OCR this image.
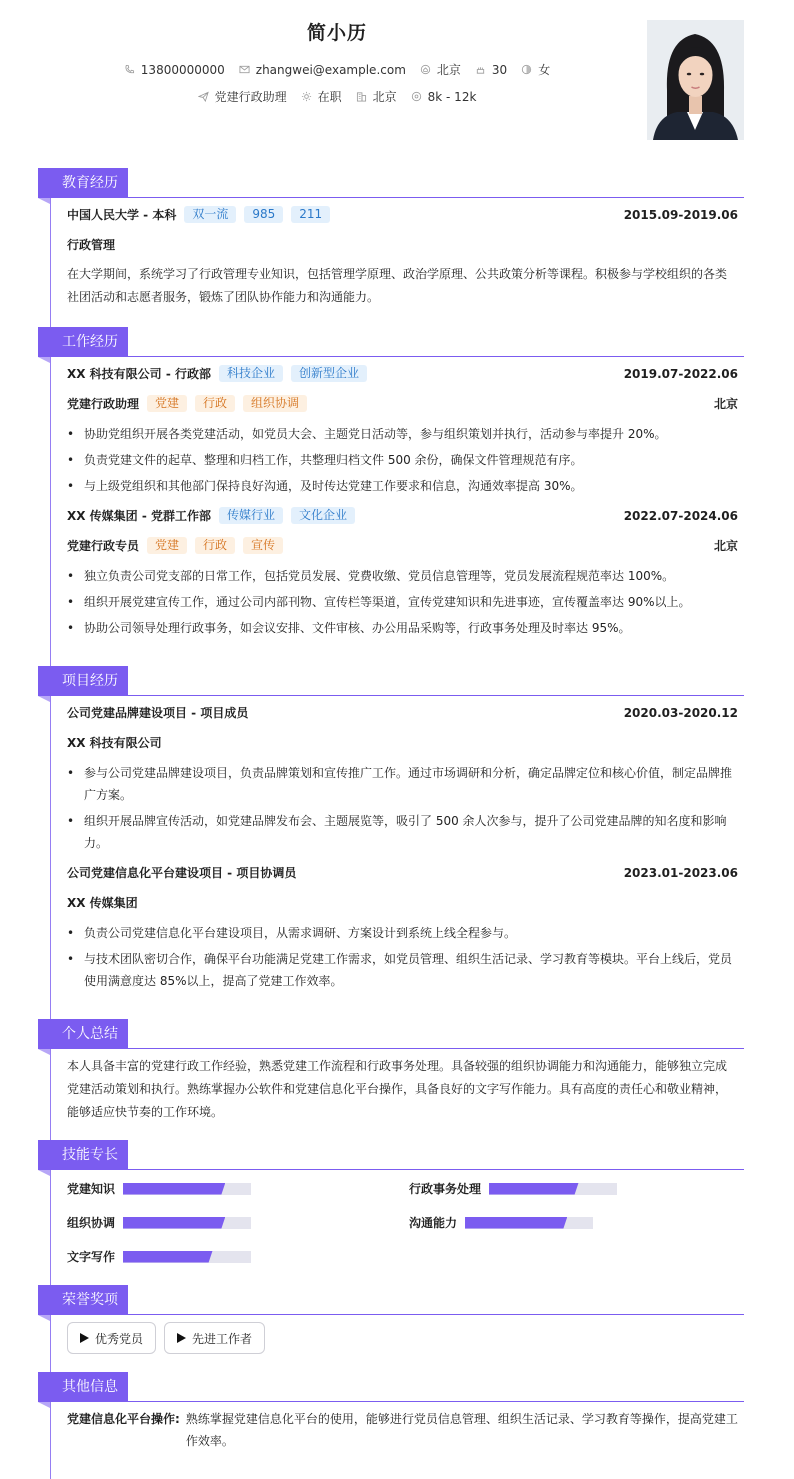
简小历
13800000000	zhangwei@example.com	北京	30	女
党建行政助理	在职	北京	8k - 12k
教育经历
中国人民大学 - 本科	双一流	985	211	2015.09-2019.06
行政管理
在大学期间，系统学习了行政管理专业知识，包括管理学原理、政治学原理、公共政策分析等课程。积极参与学校组织的各类社团活动和志愿者服务，锻炼了团队协作能力和沟通能力。
工作经历
XX 科技有限公司 - 行政部	科技企业	创新型企业	2019.07-2022.06
党建行政助理	党建	行政	组织协调	北京
• 协助党组织开展各类党建活动，如党员大会、主题党日活动等，参与组织策划并执行，活动参与率提升 20%。
• 负责党建文件的起草、整理和归档工作，共整理归档文件 500 余份，确保文件管理规范有序。
• 与上级党组织和其他部门保持良好沟通，及时传达党建工作要求和信息，沟通效率提高 30%。
XX 传媒集团 - 党群工作部	传媒行业	文化企业	2022.07-2024.06
党建行政专员	党建	行政	宣传	北京
• 独立负责公司党支部的日常工作，包括党员发展、党费收缴、党员信息管理等，党员发展流程规范率达 100%。
• 组织开展党建宣传工作，通过公司内部刊物、宣传栏等渠道，宣传党建知识和先进事迹，宣传覆盖率达 90%以上。
• 协助公司领导处理行政事务，如会议安排、文件审核、办公用品采购等，行政事务处理及时率达 95%。
项目经历
公司党建品牌建设项目 - 项目成员	2020.03-2020.12
XX 科技有限公司
• 参与公司党建品牌建设项目，负责品牌策划和宣传推广工作。通过市场调研和分析，确定品牌定位和核心价值，制定品牌推广方案。
• 组织开展品牌宣传活动，如党建品牌发布会、主题展览等，吸引了 500 余人次参与，提升了公司党建品牌的知名度和影响力。
公司党建信息化平台建设项目 - 项目协调员	2023.01-2023.06
XX 传媒集团
• 负责公司党建信息化平台建设项目，从需求调研、方案设计到系统上线全程参与。
• 与技术团队密切合作，确保平台功能满足党建工作需求，如党员管理、组织生活记录、学习教育等模块。平台上线后，党员使用满意度达 85%以上，提高了党建工作效率。
个人总结
本人具备丰富的党建行政工作经验，熟悉党建工作流程和行政事务处理。具备较强的组织协调能力和沟通能力，能够独立完成党建活动策划和执行。熟练掌握办公软件和党建信息化平台操作，具备良好的文字写作能力。具有高度的责任心和敬业精神，能够适应快节奏的工作环境。
技能专长
党建知识	行政事务处理
组织协调	沟通能力
文字写作
荣誉奖项
优秀党员	先进工作者
其他信息
党建信息化平台操作: 熟练掌握党建信息化平台的使用，能够进行党员信息管理、组织生活记录、学习教育等操作，提高党建工作效率。
